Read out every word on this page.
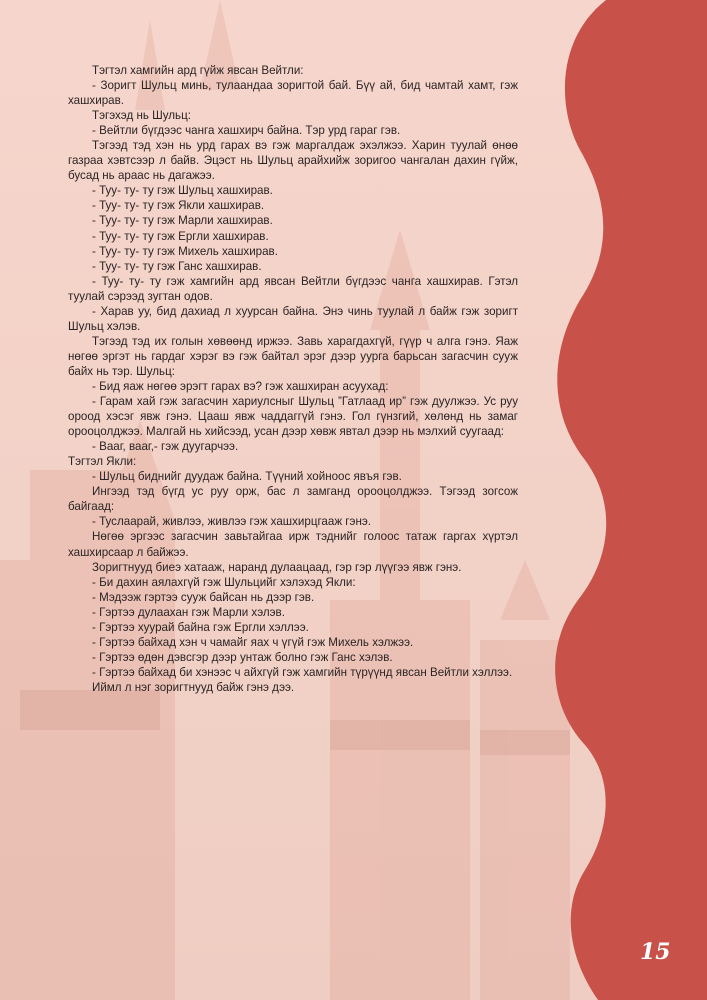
Тэгтэл хамгийн ард гүйж явсан Вейтли:

- Зоригт Шульц минь, тулаандаа зоригтой бай. Бүү ай, бид чамтай хамт, гэж хашхирав.

Тэгэхэд нь Шульц:

- Вейтли бүгдээс чанга хашхирч байна. Тэр урд гараг гэв.

Тэгээд тэд хэн нь урд гарах вэ гэж маргалдаж эхэлжээ. Харин туулай өнөө газраа хэвтсээр л байв. Эцэст нь Шульц арайхийж зоригоо чангалан дахин гүйж, бусад нь араас нь дагажээ.

- Туу- ту- ту гэж Шульц хашхирав.

- Туу- ту- ту гэж Якли хашхирав.

- Туу- ту- ту гэж Марли хашхирав.

- Туу- ту- ту гэж Ергли хашхирав.

- Туу- ту- ту гэж Михель хашхирав.

- Туу- ту- ту гэж Ганс хашхирав.

- Туу- ту- ту гэж хамгийн ард явсан Вейтли бүгдээс чанга хашхирав. Гэтэл туулай сэрээд зугтан одов.

- Харав уу, бид дахиад л хуурсан байна. Энэ чинь туулай л байж гэж зоригт Шульц хэлэв.

Тэгээд тэд их голын хөвөөнд иржээ. Завь харагдахгүй, гүүр ч алга гэнэ. Яаж нөгөө эргэт нь гардаг хэрэг вэ гэж байтал эрэг дээр уурга барьсан загасчин сууж байх нь тэр. Шульц:

- Бид яаж нөгөө эрэгт гарах вэ? гэж хашхиран асуухад:

- Гарам хай гэж загасчин хариулсныг Шульц ”Гатлаад ир” гэж дуулжээ. Ус руу ороод хэсэг явж гэнэ. Цааш явж чаддаггүй гэнэ. Гол гүнзгий, хөлөнд нь замаг орооцолджээ. Малгай нь хийсээд, усан дээр хөвж явтал дээр нь мэлхий суугаад:

- Вааг, вааг,- гэж дуугарчээ.

Тэгтэл Якли:

- Шульц биднийг дуудаж байна. Түүний хойноос явъя гэв.

Ингээд тэд бүгд ус руу орж, бас л замганд орооцолджээ. Тэгээд зогсож байгаад:

- Туслаарай, живлээ, живлээ гэж хашхирцгааж гэнэ.

Нөгөө эргээс загасчин завьтайгаа ирж тэднийг голоос татаж гаргах хүртэл хашхирсаар л байжээ.

Зоригтнууд биеэ хатааж, наранд дулаацаад, гэр гэр лүүгээ явж гэнэ.

- Би дахин аялахгүй гэж Шульцийг хэлэхэд Якли:

- Мэдээж гэртээ сууж байсан нь дээр гэв.

- Гэртээ дулаахан гэж Марли хэлэв.

- Гэртээ хуурай байна гэж Ергли хэллээ.

- Гэртээ байхад хэн ч чамайг яах ч үгүй гэж Михель хэлжээ.

- Гэртээ өдөн дэвсгэр дээр унтаж болно гэж Ганс хэлэв.

- Гэртээ байхад би хэнээс ч айхгүй гэж хамгийн түрүүнд явсан Вейтли хэллээ.

Иймл л нэг зоригтнууд байж гэнэ дээ.

15
